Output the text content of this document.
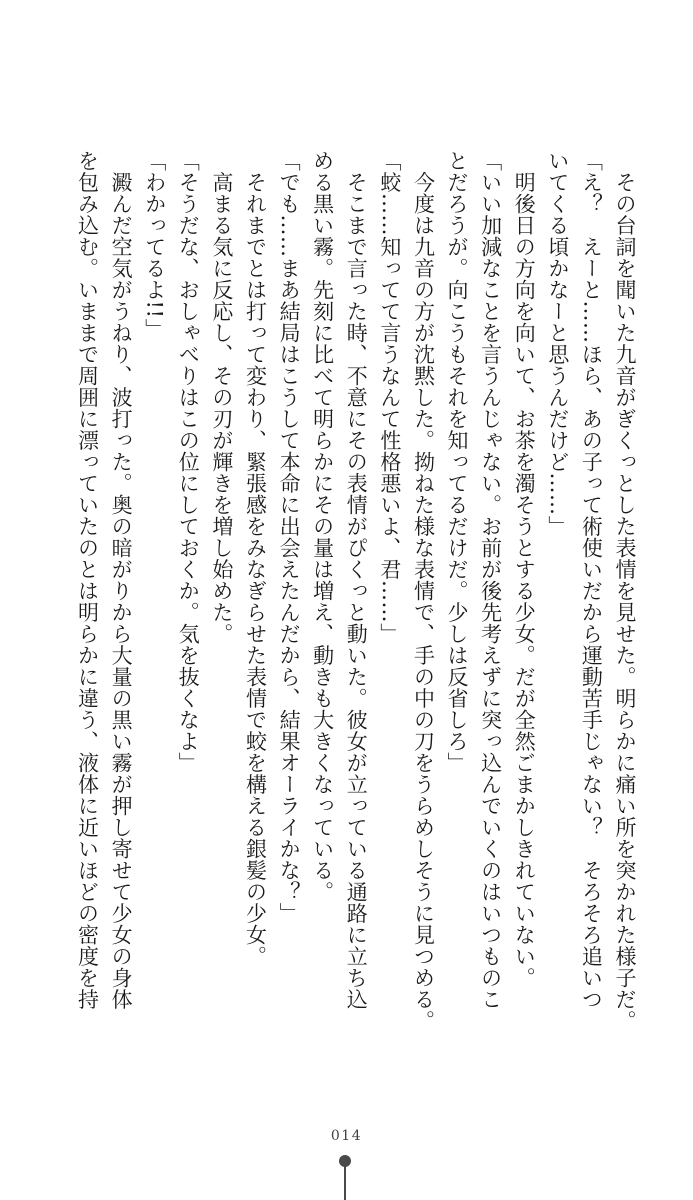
　その台詞を聞いた九音がぎくっとした表情を見せた。明らかに痛い所を突かれた様子だ。
「え？　えーと……ほら、あの子って術使いだから運動苦手じゃない？　そろそろ追いつ
いてくる頃かなーと思うんだけど……」
　明後日の方向を向いて、お茶を濁そうとする少女。だが全然ごまかしきれていない。
「いい加減なことを言うんじゃない。お前が後先考えずに突っ込んでいくのはいつものこ
とだろうが。向こうもそれを知ってるだけだ。少しは反省しろ」
　今度は九音の方が沈黙した。拗ねた様な表情で、手の中の刀をうらめしそうに見つめる。
「蛟……知ってて言うなんて性格悪いよ、君……」
　そこまで言った時、不意にその表情がぴくっと動いた。彼女が立っている通路に立ち込
める黒い霧。先刻に比べて明らかにその量は増え、動きも大きくなっている。
「でも……まあ結局はこうして本命に出会えたんだから、結果オーライかな？」
　それまでとは打って変わり、緊張感をみなぎらせた表情で蛟を構える銀髪の少女。
　高まる気に反応し、その刃が輝きを増し始めた。
「そうだな、おしゃべりはこの位にしておくか。気を抜くなよ」
「わかってるよ!!」
　澱んだ空気がうねり、波打った。奥の暗がりから大量の黒い霧が押し寄せて少女の身体
を包み込む。いままで周囲に漂っていたのとは明らかに違う、液体に近いほどの密度を持
014
